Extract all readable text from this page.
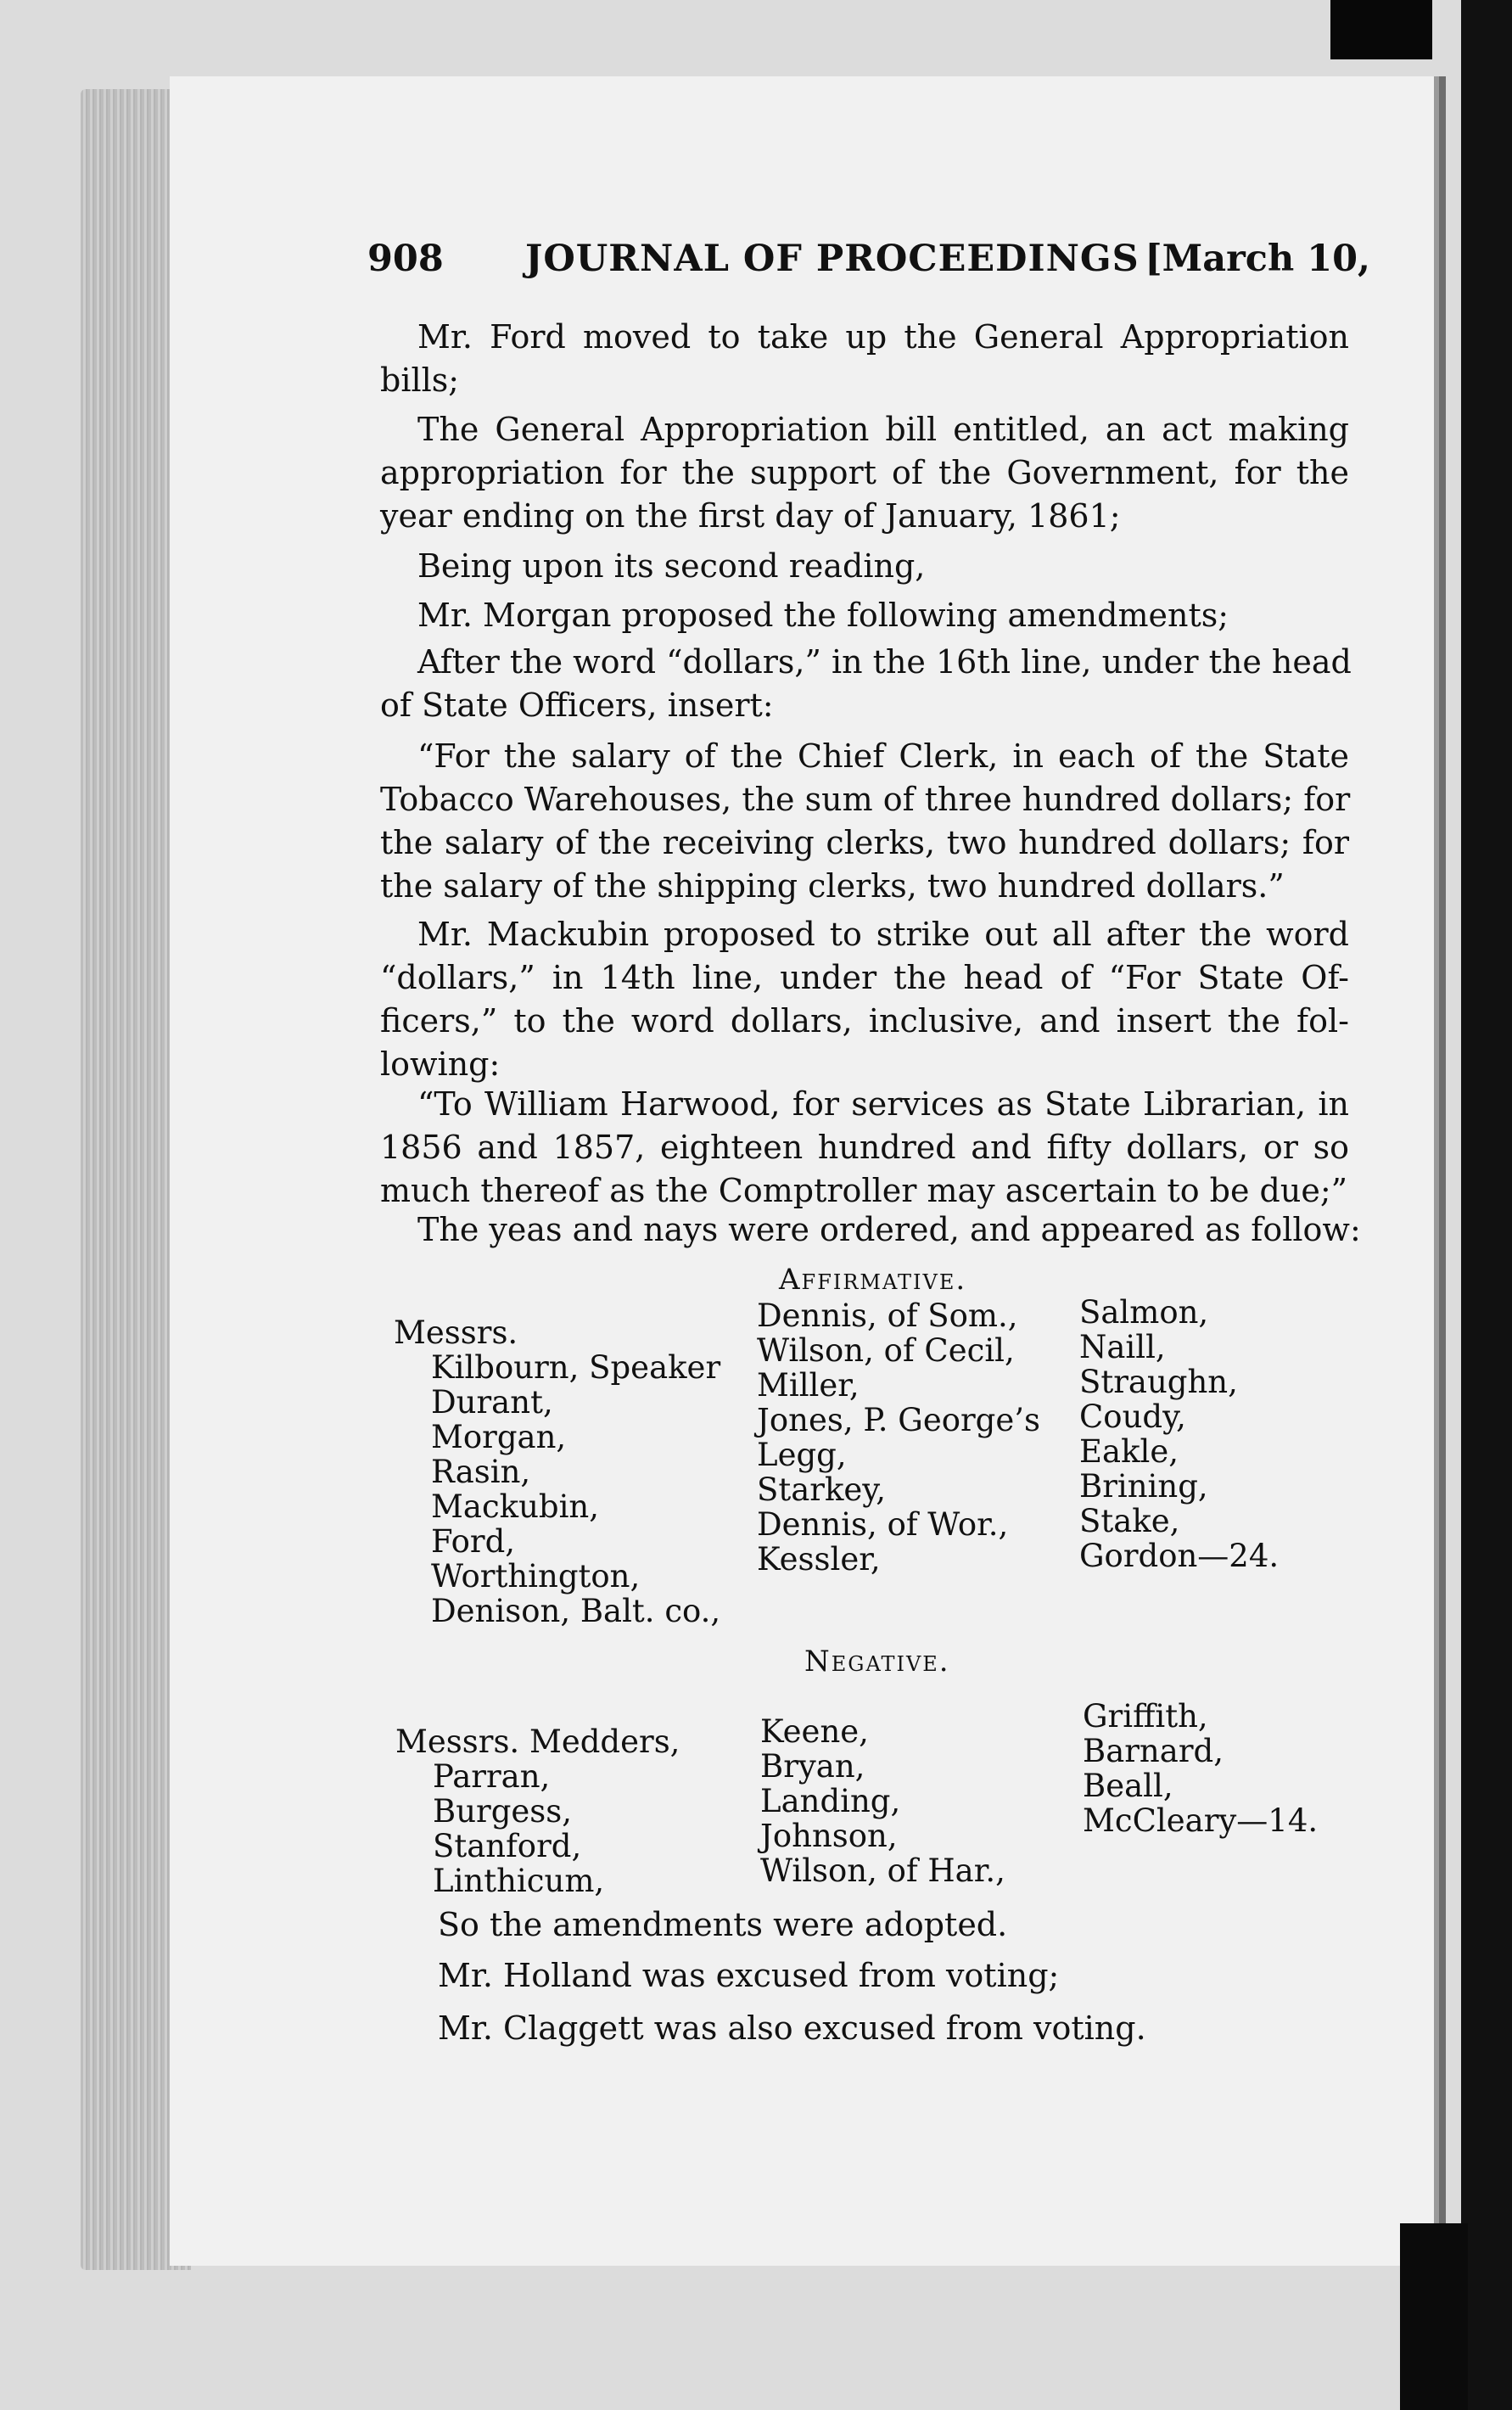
908 JOURNAL OF PROCEEDINGS [March 10,
Mr. Ford moved to take up the General Appropriation
bills;
The General Appropriation bill entitled, an act making
appropriation for the support of the Government, for the
year ending on the first day of January, 1861;
Being upon its second reading,
Mr. Morgan proposed the following amendments;
After the word “dollars,” in the 16th line, under the head
of State Officers, insert:
“For the salary of the Chief Clerk, in each of the State
Tobacco Warehouses, the sum of three hundred dollars; for
the salary of the receiving clerks, two hundred dollars; for
the salary of the shipping clerks, two hundred dollars.”
Mr. Mackubin proposed to strike out all after the word
“dollars,” in 14th line, under the head of “For State Of-
ficers,” to the word dollars, inclusive, and insert the fol-
lowing:
“To William Harwood, for services as State Librarian, in
1856 and 1857, eighteen hundred and fifty dollars, or so
much thereof as the Comptroller may ascertain to be due;”
The yeas and nays were ordered, and appeared as follow:
Affirmative.
Messrs.
Kilbourn, Speaker
Durant,
Morgan,
Rasin,
Mackubin,
Ford,
Worthington,
Denison, Balt. co.,
Dennis, of Som.,
Wilson, of Cecil,
Miller,
Jones, P. George’s
Legg,
Starkey,
Dennis, of Wor.,
Kessler,
Salmon,
Naill,
Straughn,
Coudy,
Eakle,
Brining,
Stake,
Gordon—24.
Negative.
Messrs. Medders,
Parran,
Burgess,
Stanford,
Linthicum,
Keene,
Bryan,
Landing,
Johnson,
Wilson, of Har.,
Griffith,
Barnard,
Beall,
McCleary—14.
So the amendments were adopted.
Mr. Holland was excused from voting;
Mr. Claggett was also excused from voting.
